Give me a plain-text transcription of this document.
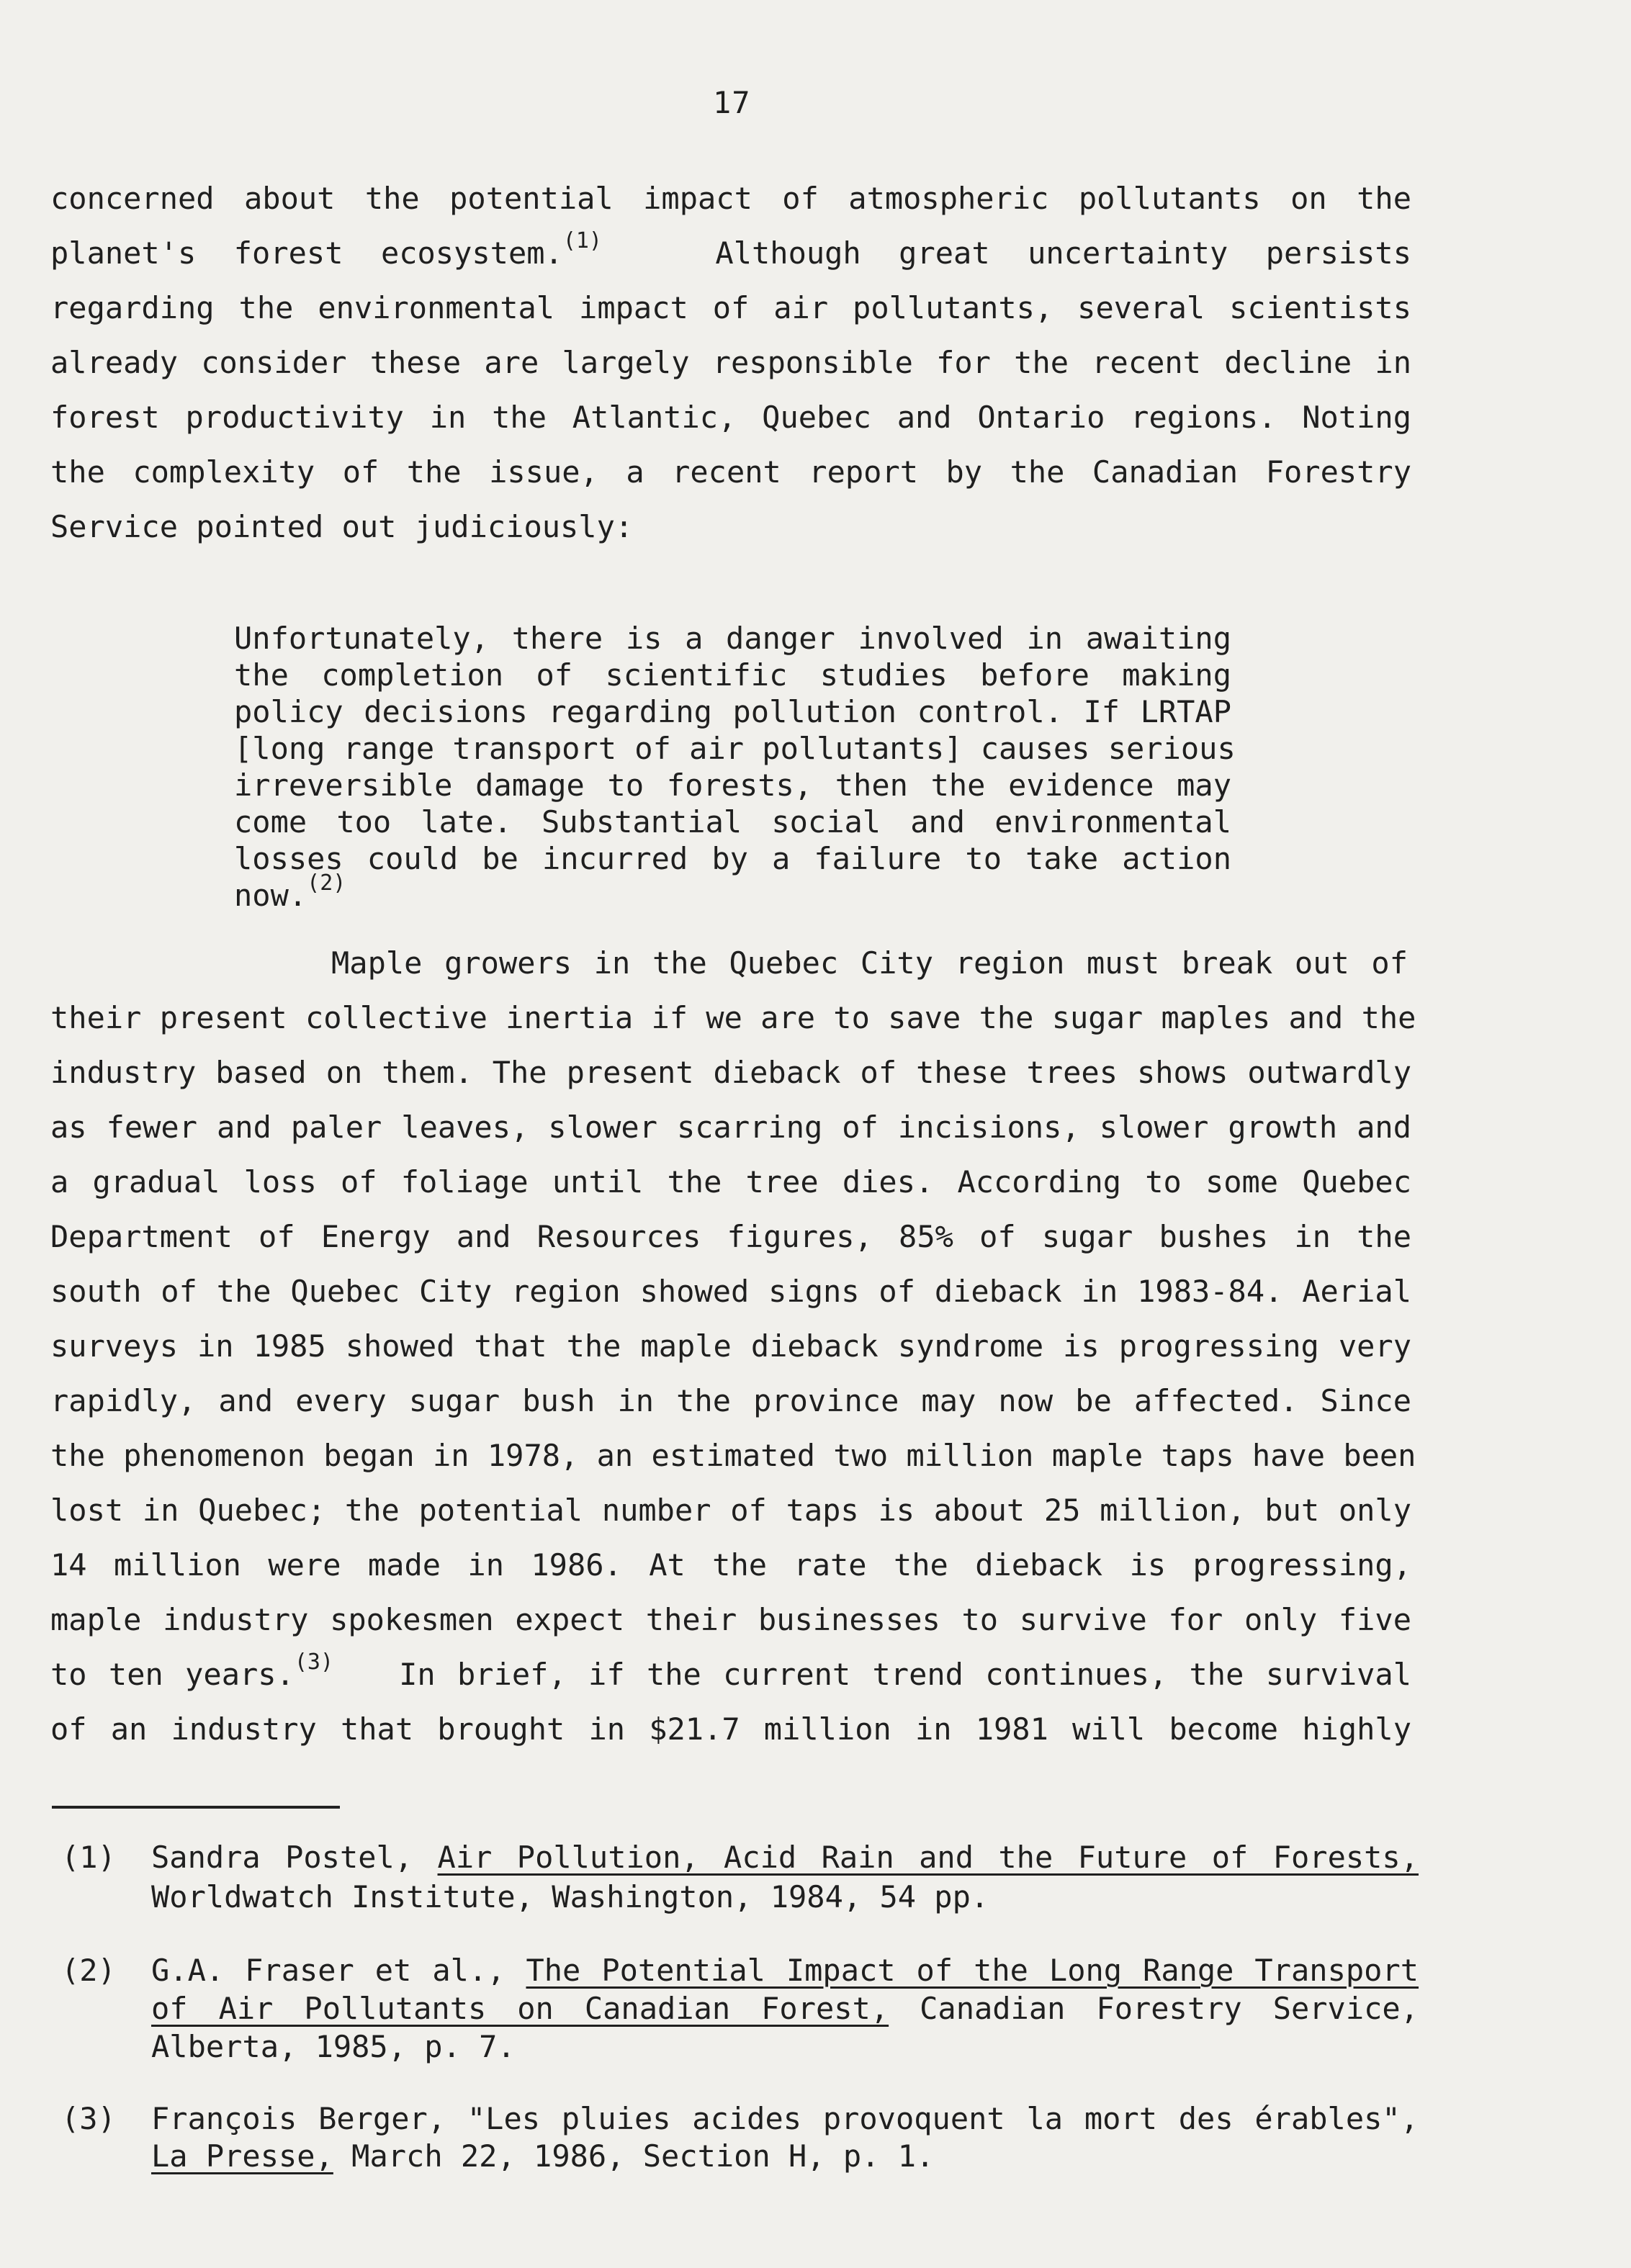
17
concerned about the potential impact of atmospheric pollutants on the
planet's forest ecosystem.$^{(1)}$	Although great uncertainty persists
regarding the environmental impact of air pollutants, several scientists
already consider these are largely responsible for the recent decline in
forest productivity in the Atlantic, Quebec and Ontario regions. Noting
the complexity of the issue, a recent report by the Canadian Forestry
Service pointed out judiciously:
Unfortunately, there is a danger involved in awaiting
the completion of scientific studies before making
policy decisions regarding pollution control. If LRTAP
[long range transport of air pollutants] causes serious
irreversible damage to forests, then the evidence may
come too late. Substantial social and environmental
losses could be incurred by a failure to take action
now.$^{(2)}$
Maple growers in the Quebec City region must break out of
their present collective inertia if we are to save the sugar maples and the
industry based on them. The present dieback of these trees shows outwardly
as fewer and paler leaves, slower scarring of incisions, slower growth and
a gradual loss of foliage until the tree dies. According to some Quebec
Department of Energy and Resources figures, 85% of sugar bushes in the
south of the Quebec City region showed signs of dieback in 1983-84. Aerial
surveys in 1985 showed that the maple dieback syndrome is progressing very
rapidly, and every sugar bush in the province may now be affected. Since
the phenomenon began in 1978, an estimated two million maple taps have been
lost in Quebec; the potential number of taps is about 25 million, but only
14 million were made in 1986. At the rate the dieback is progressing,
maple industry spokesmen expect their businesses to survive for only five
to ten years.$^{(3)}$ In brief, if the current trend continues, the survival
of an industry that brought in $21.7 million in 1981 will become highly
(1) Sandra Postel, Air Pollution, Acid Rain and the Future of Forests,
Worldwatch Institute, Washington, 1984, 54 pp.
(2) G.A. Fraser et al., The Potential Impact of the Long Range Transport
of Air Pollutants on Canadian Forest, Canadian Forestry Service,
Alberta, 1985, p. 7.
(3) François Berger, "Les pluies acides provoquent la mort des érables",
La Presse, March 22, 1986, Section H, p. 1.
